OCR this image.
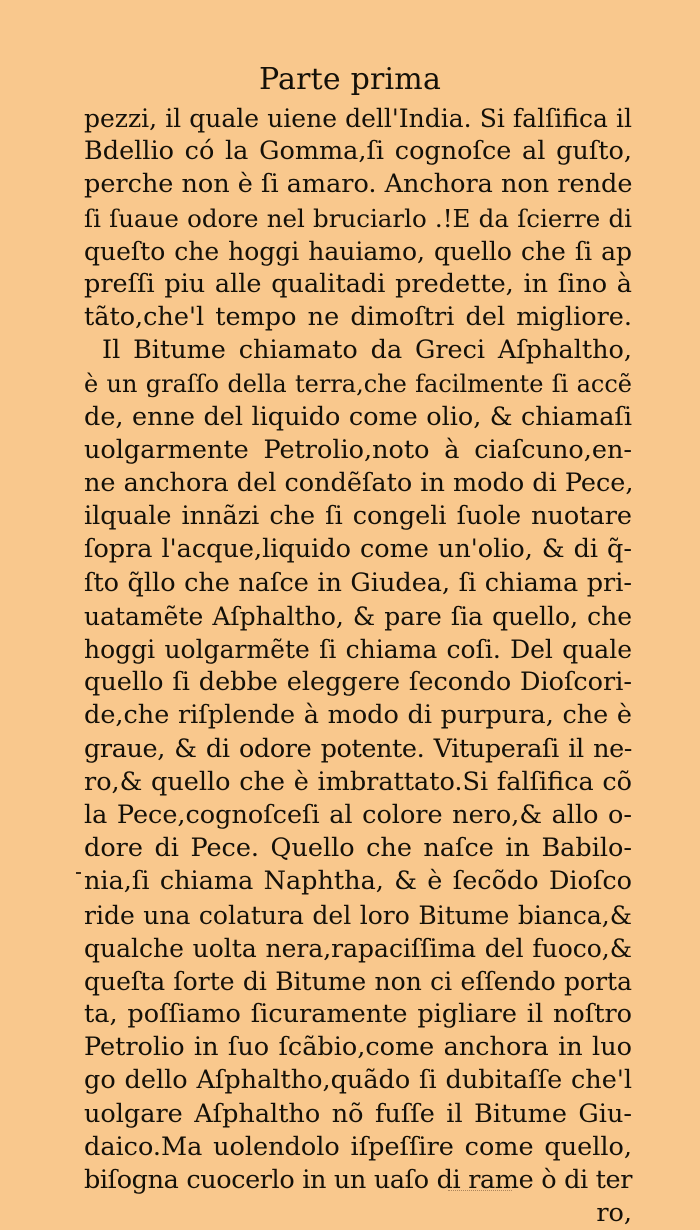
Parte prima
pezzi, il quale uiene dell'India. Si falſifica il
Bdellio có la Gomma,ſi cognoſce al guſto,
perche non è ſi amaro. Anchora non rende
ſi ſuaue odore nel bruciarlo .!E da ſcierre di
queſto che hoggi hauiamo, quello che ſi ap
preſſi piu alle qualitadi predette, in ſino à
tãto,che'l tempo ne dimoſtri del migliore.
Il Bitume chiamato da Greci Aſphaltho,
è un graſſo della terra,che facilmente ſi accẽ
de, enne del liquido come olio, & chiamaſi
uolgarmente Petrolio,noto à ciaſcuno,en-
ne anchora del condẽſato in modo di Pece,
ilquale innãzi che ſi congeli ſuole nuotare
ſopra l'acque,liquido come un'olio, & di q̃-
ſto q̃llo che naſce in Giudea, ſi chiama pri-
uatamẽte Aſphaltho, & pare ſia quello, che
hoggi uolgarmẽte ſi chiama coſi. Del quale
quello ſi debbe eleggere ſecondo Dioſcori-
de,che riſplende à modo di purpura, che è
graue, & di odore potente. Vituperaſi il ne-
ro,& quello che è imbrattato.Si falſifica cõ
la Pece,cognoſceſi al colore nero,& allo o-
dore di Pece. Quello che naſce in Babilo-
nia,ſi chiama Naphtha, & è ſecõdo Dioſco
ride una colatura del loro Bitume bianca,&
qualche uolta nera,rapaciſſima del fuoco,&
queſta ſorte di Bitume non ci eſſendo porta
ta, poſſiamo ſicuramente pigliare il noſtro
Petrolio in ſuo ſcãbio,come anchora in luo
go dello Aſphaltho,quãdo ſi dubitaſſe che'l
uolgare Aſphaltho nõ fuſſe il Bitume Giu-
daico.Ma uolendolo iſpeſſire come quello,
biſogna cuocerlo in un uaſo di rame ò di ter
ro,
